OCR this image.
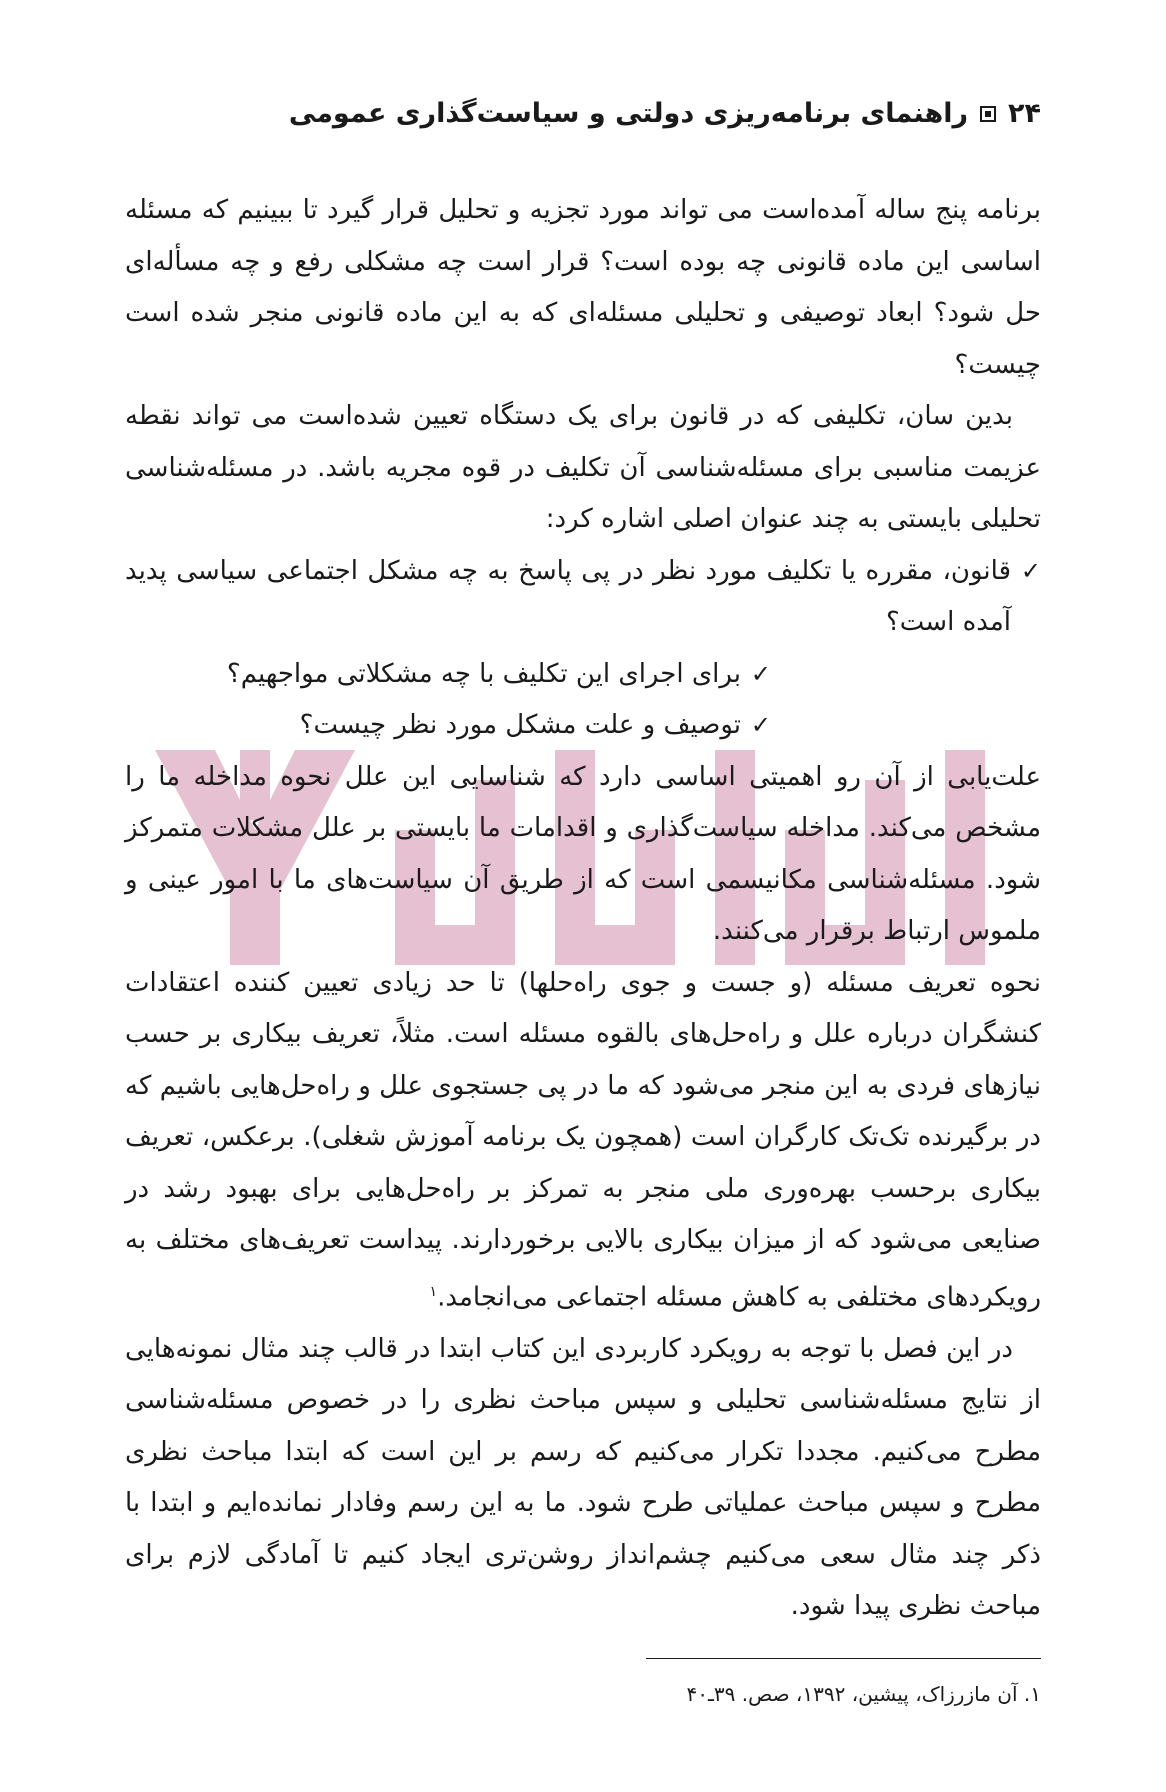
۲۴
راهنمای برنامه‌ریزی دولتی و سیاست‌گذاری عمومی

برنامه پنج ساله آمده‌است می تواند مورد تجزیه و تحلیل قرار گیرد تا ببینیم که مسئله اساسی این ماده قانونی چه بوده است؟ قرار است چه مشکلی رفع و چه مسأله‌ای حل شود؟ ابعاد توصیفی و تحلیلی مسئله‌ای که به این ماده قانونی منجر شده است چیست؟

بدین سان، تکلیفی که در قانون برای یک دستگاه تعیین شده‌است می تواند نقطه عزیمت مناسبی برای مسئله‌شناسی آن تکلیف در قوه مجریه باشد. در مسئله‌شناسی تحلیلی بایستی به چند عنوان اصلی اشاره کرد:

✓
قانون، مقرره یا تکلیف مورد نظر در پی پاسخ به چه مشکل اجتماعی سیاسی پدید آمده است؟
✓
برای اجرای این تکلیف با چه مشکلاتی مواجهیم؟
✓
توصیف و علت مشکل مورد نظر چیست؟

علت‌یابی از آن رو اهمیتی اساسی دارد که شناسایی این علل نحوه مداخله ما را مشخص می‌کند. مداخله سیاست‌گذاری و اقدامات ما بایستی بر علل مشکلات متمرکز شود. مسئله‌شناسی مکانیسمی است که از طریق آن سیاست‌های ما با امور عینی و ملموس ارتباط برقرار می‌کنند.

نحوه تعریف مسئله (و جست و جوی راه‌حلها) تا حد زیادی تعیین کننده اعتقادات کنشگران درباره علل و راه‌حل‌های بالقوه مسئله است. مثلاً، تعریف بیکاری بر حسب نیازهای فردی به این منجر می‌شود که ما در پی جستجوی علل و راه‌حل‌هایی باشیم که در برگیرنده تک‌تک کارگران است (همچون یک برنامه آموزش شغلی). برعکس، تعریف بیکاری برحسب بهره‌وری ملی منجر به تمرکز بر راه‌حل‌هایی برای بهبود رشد در صنایعی می‌شود که از میزان بیکاری بالایی برخوردارند. پیداست تعریف‌های مختلف به رویکردهای مختلفی به کاهش مسئله اجتماعی می‌انجامد.$^١$

در این فصل با توجه به رویکرد کاربردی این کتاب ابتدا در قالب چند مثال نمونه‌هایی از نتایج مسئله‌شناسی تحلیلی و سپس مباحث نظری را در خصوص مسئله‌شناسی مطرح می‌کنیم. مجددا تکرار می‌کنیم که رسم بر این است که ابتدا مباحث نظری مطرح و سپس مباحث عملیاتی طرح شود. ما به این رسم وفادار نمانده‌ایم و ابتدا با ذکر چند مثال سعی می‌کنیم چشم‌انداز روشن‌تری ایجاد کنیم تا آمادگی لازم برای مباحث نظری پیدا شود.

١. آن مازرزاک، پیشین، ۱۳۹۲، صص. ۳۹ـ۴۰
